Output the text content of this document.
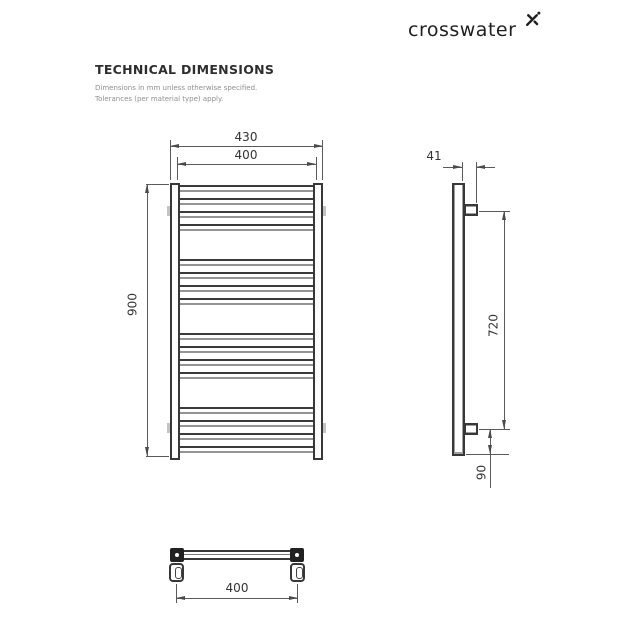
crosswater
TECHNICAL DIMENSIONS
Dimensions in mm unless otherwise specified.
Tolerances (per material type) apply.
430
400
900
41
720
90
400
